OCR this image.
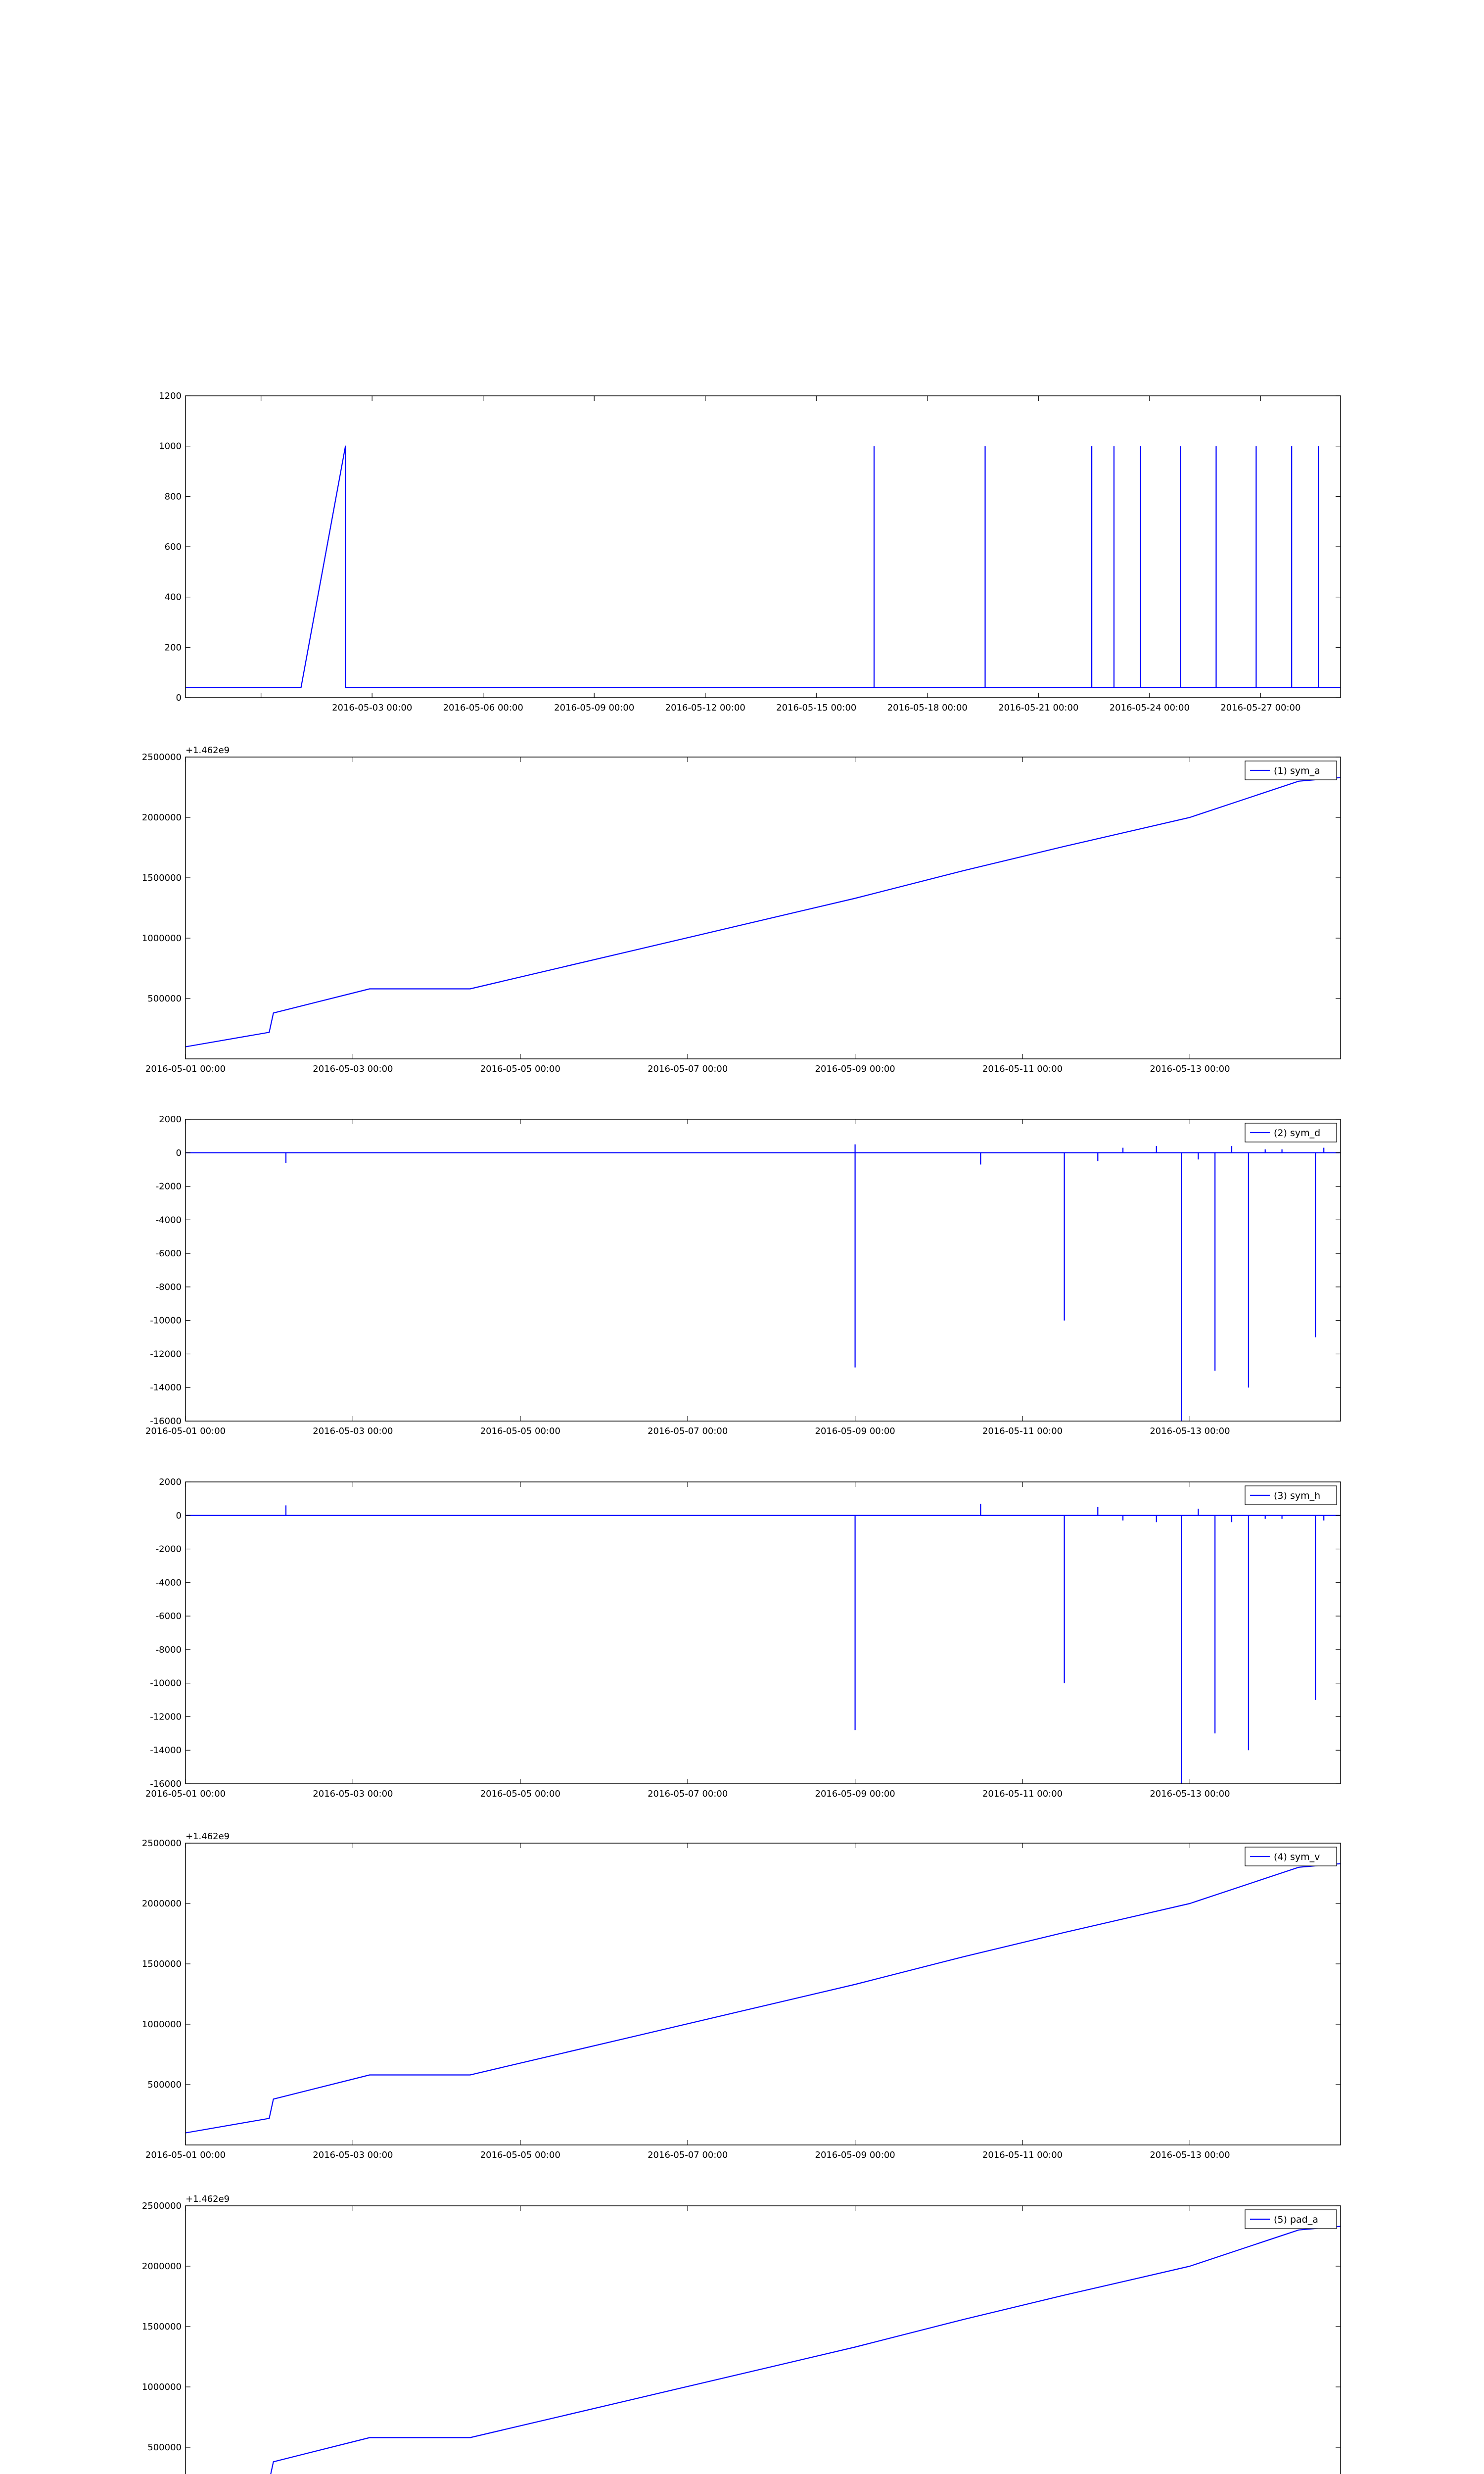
0
200
400
600
800
1000
1200
2016-05-03 00:00	2016-05-06 00:00	2016-05-09 00:00	2016-05-12 00:00	2016-05-15 00:00	2016-05-18 00:00	2016-05-21 00:00	2016-05-24 00:00	2016-05-27 00:00
500000
1000000
1500000
2000000
2500000
2016-05-01 00:00	2016-05-03 00:00	2016-05-05 00:00	2016-05-07 00:00	2016-05-09 00:00	2016-05-11 00:00	2016-05-13 00:00
+1.462e9
(1) sym_a
-16000
-14000
-12000
-10000
-8000
-6000
-4000
-2000
0
2000
2016-05-01 00:00	2016-05-03 00:00	2016-05-05 00:00	2016-05-07 00:00	2016-05-09 00:00	2016-05-11 00:00	2016-05-13 00:00
(2) sym_d
-16000
-14000
-12000
-10000
-8000
-6000
-4000
-2000
0
2000
2016-05-01 00:00	2016-05-03 00:00	2016-05-05 00:00	2016-05-07 00:00	2016-05-09 00:00	2016-05-11 00:00	2016-05-13 00:00
(3) sym_h
500000
1000000
1500000
2000000
2500000
2016-05-01 00:00	2016-05-03 00:00	2016-05-05 00:00	2016-05-07 00:00	2016-05-09 00:00	2016-05-11 00:00	2016-05-13 00:00
+1.462e9
(4) sym_v
500000
1000000
1500000
2000000
2500000
+1.462e9
(5) pad_a
